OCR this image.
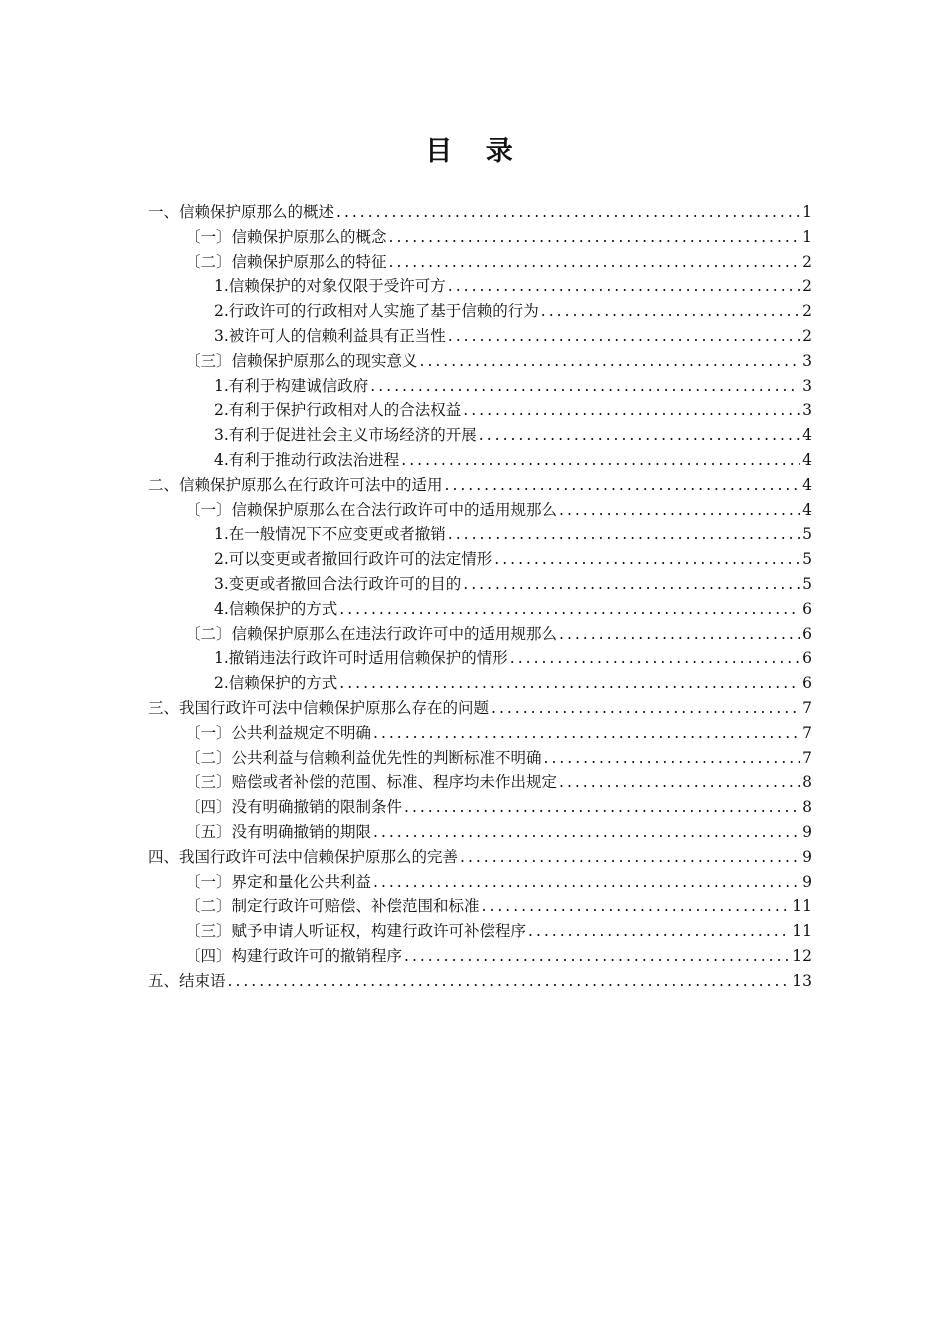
目 录
一、信赖保护原那么的概述 .....	1
〔一〕信赖保护原那么的概念 .....	1
〔二〕信赖保护原那么的特征 .....	2
1.信赖保护的对象仅限于受许可方 .....	2
2.行政许可的行政相对人实施了基于信赖的行为 .....	2
3.被许可人的信赖利益具有正当性 .....	2
〔三〕信赖保护原那么的现实意义 .....	3
1.有利于构建诚信政府 .....	3
2.有利于保护行政相对人的合法权益 .....	3
3.有利于促进社会主义市场经济的开展 .....	4
4.有利于推动行政法治进程 .....	4
二、信赖保护原那么在行政许可法中的适用 .....	4
〔一〕信赖保护原那么在合法行政许可中的适用规那么 .....	4
1.在一般情况下不应变更或者撤销 .....	5
2.可以变更或者撤回行政许可的法定情形 .....	5
3.变更或者撤回合法行政许可的目的 .....	5
4.信赖保护的方式 .....	6
〔二〕信赖保护原那么在违法行政许可中的适用规那么 .....	6
1.撤销违法行政许可时适用信赖保护的情形 .....	6
2.信赖保护的方式 .....	6
三、我国行政许可法中信赖保护原那么存在的问题 .....	7
〔一〕公共利益规定不明确 .....	7
〔二〕公共利益与信赖利益优先性的判断标准不明确 .....	7
〔三〕赔偿或者补偿的范围、标准、程序均未作出规定 .....	8
〔四〕没有明确撤销的限制条件 .....	8
〔五〕没有明确撤销的期限 .....	9
四、我国行政许可法中信赖保护原那么的完善 .....	9
〔一〕界定和量化公共利益 .....	9
〔二〕制定行政许可赔偿、补偿范围和标准 .....	11
〔三〕赋予申请人听证权，构建行政许可补偿程序 .....	11
〔四〕构建行政许可的撤销程序 .....	12
五、结束语 .....	13
